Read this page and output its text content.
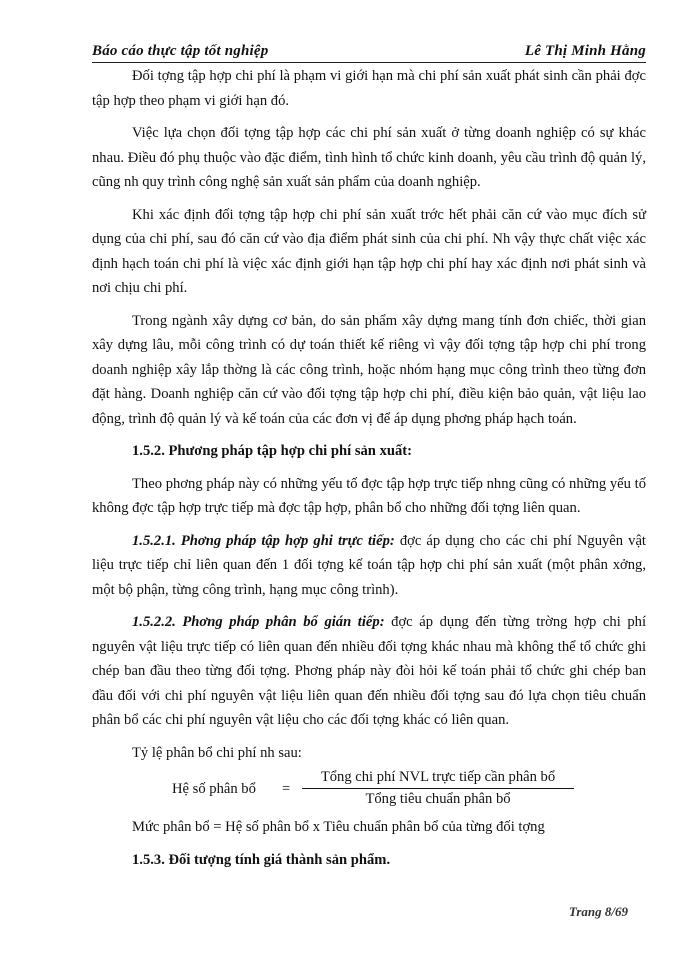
Báo cáo thực tập tốt nghiệp	Lê Thị Minh Hằng

Đối tợng tập hợp chi phí là phạm vi giới hạn mà chi phí sản xuất phát sinh cần phải đợc tập hợp theo phạm vi giới hạn đó.

Việc lựa chọn đối tợng tập hợp các chi phí sản xuất ở từng doanh nghiệp có sự khác nhau. Điều đó phụ thuộc vào đặc điểm, tình hình tổ chức kinh doanh, yêu cầu trình độ quản lý, cũng nh quy trình công nghệ sản xuất sản phẩm của doanh nghiệp.

Khi xác định đối tợng tập hợp chi phí sản xuất trớc hết phải căn cứ vào mục đích sử dụng của chi phí, sau đó căn cứ vào địa điểm phát sinh của chi phí. Nh vậy thực chất việc xác định hạch toán chi phí là việc xác định giới hạn tập hợp chi phí hay xác định nơi phát sinh và nơi chịu chi phí.

Trong ngành xây dựng cơ bản, do sản phẩm xây dựng mang tính đơn chiếc, thời gian xây dựng lâu, mỗi công trình có dự toán thiết kế riêng vì vậy đối tợng tập hợp chi phí trong doanh nghiệp xây lắp thờng là các công trình, hoặc nhóm hạng mục công trình theo từng đơn đặt hàng. Doanh nghiệp căn cứ vào đối tợng tập hợp chi phí, điều kiện bảo quản, vật liệu lao động, trình độ quản lý và kế toán của các đơn vị để áp dụng phơng pháp hạch toán.

1.5.2. Phương pháp tập hợp chi phí sản xuất:

Theo phơng pháp này có những yếu tố đợc tập hợp trực tiếp nhng cũng có những yếu tố không đợc tập hợp trực tiếp mà đợc tập hợp, phân bổ cho những đối tợng liên quan.

1.5.2.1. Phơng pháp tập hợp ghi trực tiếp: đợc áp dụng cho các chi phí Nguyên vật liệu trực tiếp chỉ liên quan đến 1 đối tợng kế toán tập hợp chi phí sản xuất (một phân xởng, một bộ phận, từng công trình, hạng mục công trình).

1.5.2.2. Phơng pháp phân bổ gián tiếp: đợc áp dụng đến từng trờng hợp chi phí nguyên vật liệu trực tiếp có liên quan đến nhiều đối tợng khác nhau mà không thể tổ chức ghi chép ban đầu theo từng đối tợng. Phơng pháp này đòi hỏi kế toán phải tổ chức ghi chép ban đầu đối với chi phí nguyên vật liệu liên quan đến nhiều đối tợng sau đó lựa chọn tiêu chuẩn phân bổ các chi phí nguyên vật liệu cho các đối tợng khác có liên quan.

Tỷ lệ phân bổ chi phí nh sau:

Hệ số phân bổ =
Tổng chi phí NVL trực tiếp cần phân bổ
Tổng tiêu chuẩn phân bổ

Mức phân bổ = Hệ số phân bổ x Tiêu chuẩn phân bổ của từng đối tợng

1.5.3. Đối tượng tính giá thành sản phẩm.
Trang 8/69
